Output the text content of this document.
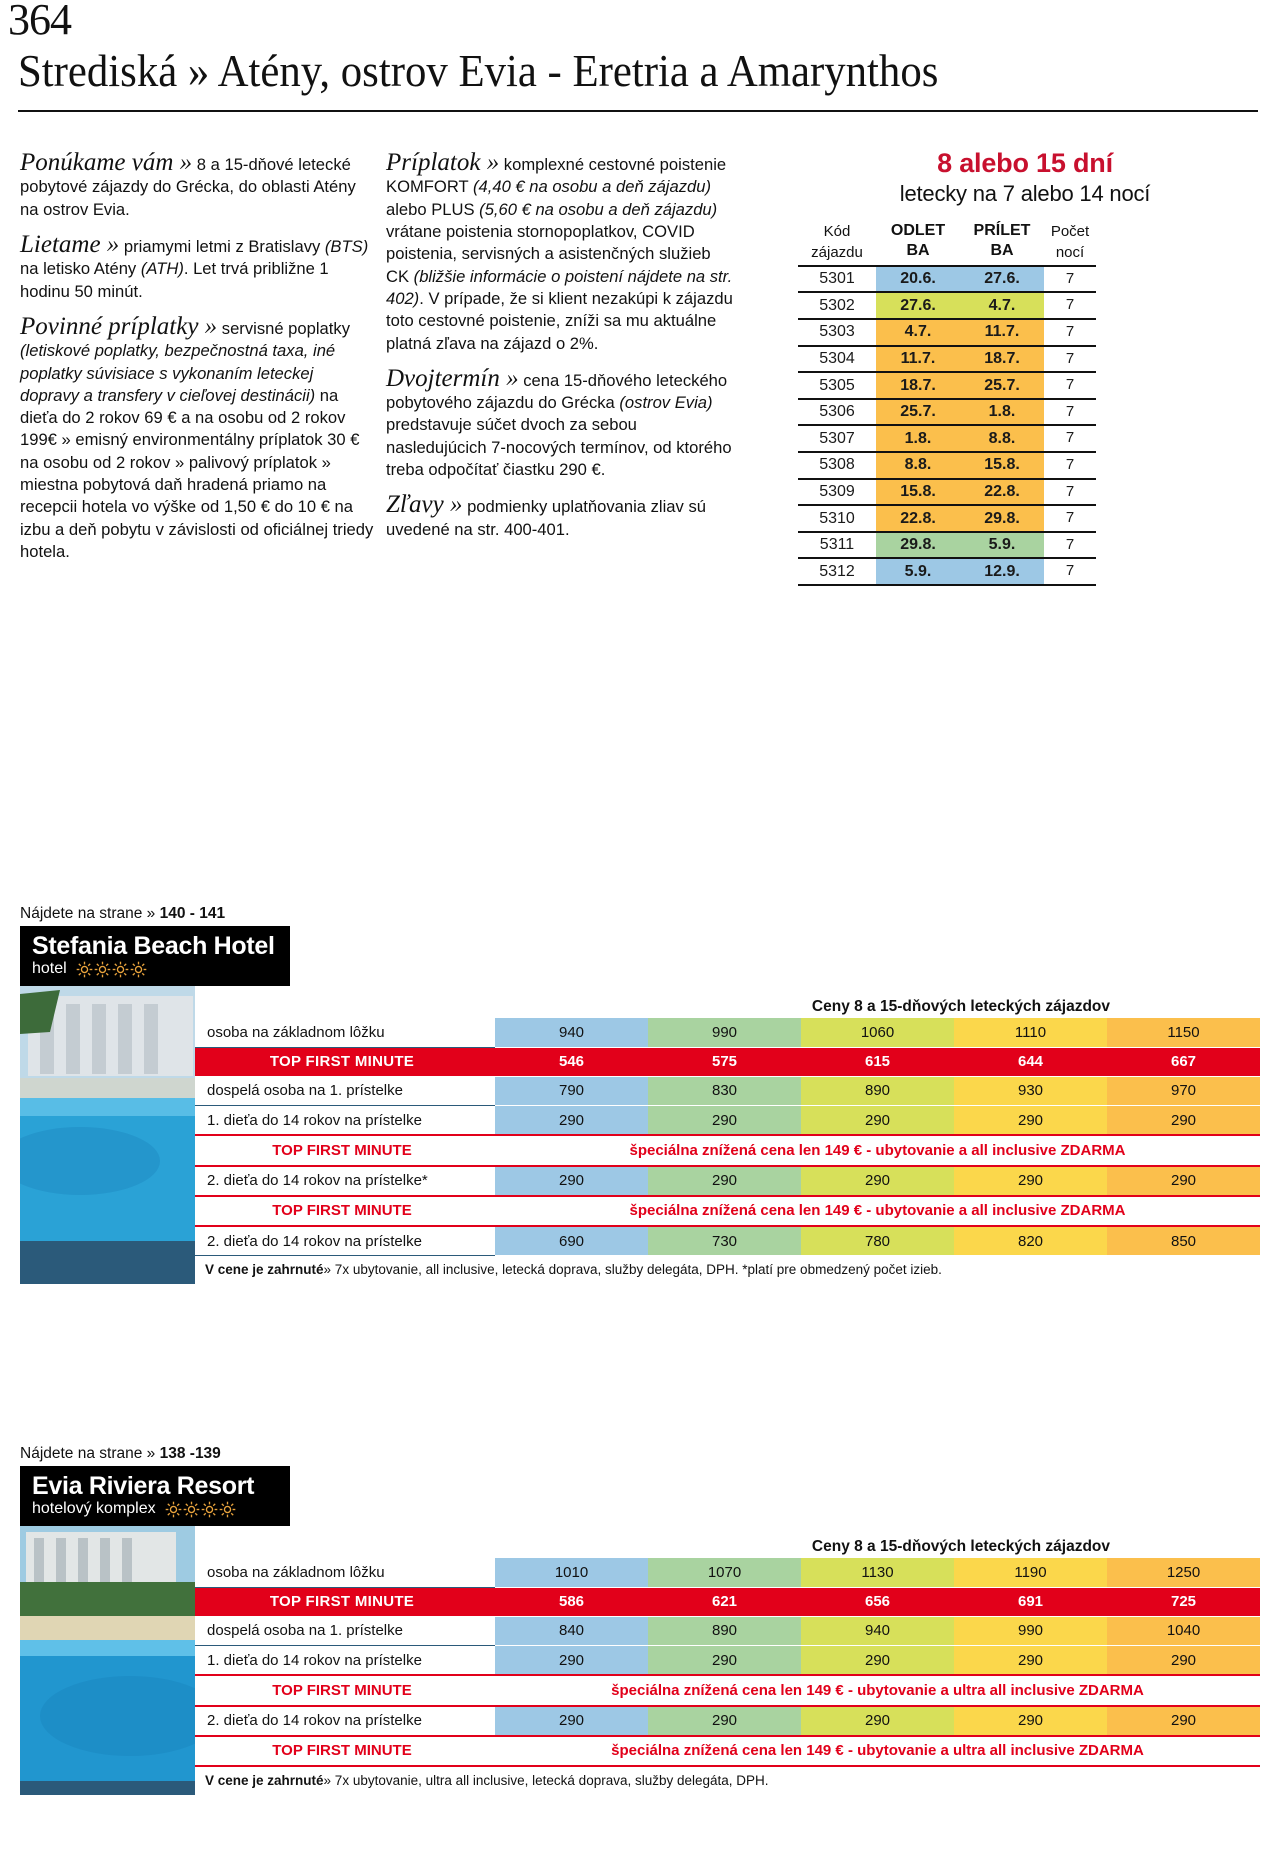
364
Strediská » Atény, ostrov Evia - Eretria a Amarynthos
Ponúkame vám » 8 a 15-dňové letecké pobytové zájazdy do Grécka, do oblasti Atény na ostrov Evia.
Lietame » priamymi letmi z Bratislavy (BTS) na letisko Atény (ATH). Let trvá približne 1 hodinu 50 minút.
Povinné príplatky » servisné poplatky (letiskové poplatky, bezpečnostná taxa, iné poplatky súvisiace s vykonaním leteckej dopravy a transfery v cieľovej destinácii) na dieťa do 2 rokov 69 € a na osobu od 2 rokov 199€ » emisný environmentálny príplatok 30 € na osobu od 2 rokov » palivový príplatok » miestna pobytová daň hradená priamo na recepcii hotela vo výške od 1,50 € do 10 € na izbu a deň pobytu v závislosti od oficiálnej triedy hotela.
Príplatok » komplexné cestovné poistenie KOMFORT (4,40 € na osobu a deň zájazdu) alebo PLUS (5,60 € na osobu a deň zájazdu) vrátane poistenia stornopoplatkov, COVID poistenia, servisných a asistenčných služieb CK (bližšie informácie o poistení nájdete na str. 402). V prípade, že si klient nezakúpi k zájazdu toto cestovné poistenie, zníži sa mu aktuálne platná zľava na zájazd o 2%.
Dvojtermín » cena 15-dňového leteckého pobytového zájazdu do Grécka (ostrov Evia) predstavuje súčet dvoch za sebou nasledujúcich 7-nocových termínov, od ktorého treba odpočítať čiastku 290 €.
Zľavy » podmienky uplatňovania zliav sú uvedené na str. 400-401.
8 alebo 15 dní
letecky na 7 alebo 14 nocí
Kód	ODLET	PRÍLET	Počet
zájazdu	BA	BA	nocí
5301	20.6.	27.6.	7
5302	27.6.	4.7.	7
5303	4.7.	11.7.	7
5304	11.7.	18.7.	7
5305	18.7.	25.7.	7
5306	25.7.	1.8.	7
5307	1.8.	8.8.	7
5308	8.8.	15.8.	7
5309	15.8.	22.8.	7
5310	22.8.	29.8.	7
5311	29.8.	5.9.	7
5312	5.9.	12.9.	7
Nájdete na strane » 140 - 141
Stefania Beach Hotel
hotel
Ceny 8 a 15-dňových leteckých zájazdov
osoba na základnom lôžku	940	990	1060	1110	1150
TOP FIRST MINUTE	546	575	615	644	667
dospelá osoba na 1. prístelke	790	830	890	930	970
1. dieťa do 14 rokov na prístelke	290	290	290	290	290
TOP FIRST MINUTE	špeciálna znížená cena len 149 € - ubytovanie a all inclusive ZDARMA				
2. dieťa do 14 rokov na prístelke*	290	290	290	290	290
TOP FIRST MINUTE	špeciálna znížená cena len 149 € - ubytovanie a all inclusive ZDARMA				
2. dieťa do 14 rokov na prístelke	690	730	780	820	850
V cene je zahrnuté» 7x ubytovanie, all inclusive, letecká doprava, služby delegáta, DPH. *platí pre obmedzený počet izieb.					
Nájdete na strane » 138 -139
Evia Riviera Resort
hotelový komplex
Ceny 8 a 15-dňových leteckých zájazdov
osoba na základnom lôžku	1010	1070	1130	1190	1250
TOP FIRST MINUTE	586	621	656	691	725
dospelá osoba na 1. prístelke	840	890	940	990	1040
1. dieťa do 14 rokov na prístelke	290	290	290	290	290
TOP FIRST MINUTE	špeciálna znížená cena len 149 € - ubytovanie a ultra all inclusive ZDARMA				
2. dieťa do 14 rokov na prístelke	290	290	290	290	290
TOP FIRST MINUTE	špeciálna znížená cena len 149 € - ubytovanie a ultra all inclusive ZDARMA				
V cene je zahrnuté» 7x ubytovanie, ultra all inclusive, letecká doprava, služby delegáta, DPH.					
